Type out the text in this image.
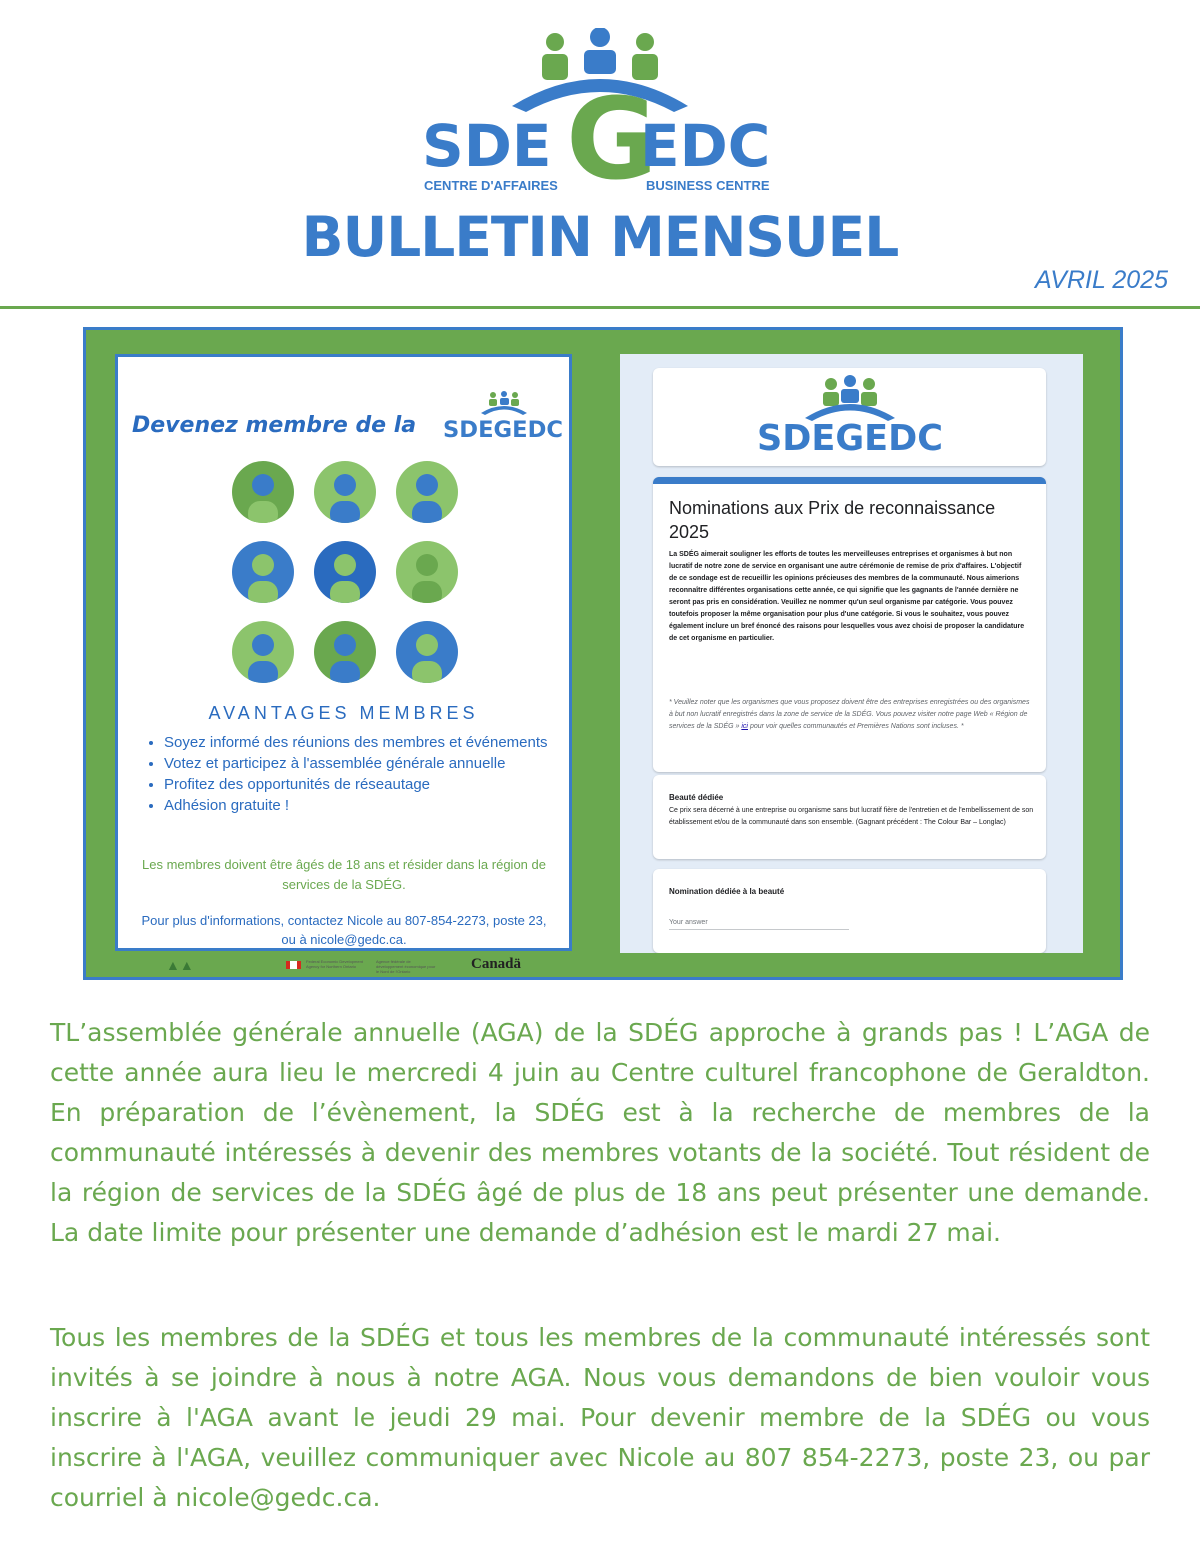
SDE G
EDC
CENTRE D'AFFAIRES	BUSINESS CENTRE
BULLETIN MENSUEL
AVRIL 2025
Devenez membre de la SDEGEDC
AVANTAGES MEMBRES
• Soyez informé des réunions des membres et événements
• Votez et participez à l'assemblée générale annuelle
• Profitez des opportunités de réseautage
• Adhésion gratuite !
Les membres doivent être âgés de 18 ans et résider dans la région de services de la SDÉG.
Pour plus d'informations, contactez Nicole au 807-854-2273, poste 23, ou à nicole@gedc.ca.
▲▲	Federal Economic Development Agency for Northern Ontario
Agence fédérale de développement économique pour le Nord de l'Ontario	Canadä
SDEGEDC
Nominations aux Prix de reconnaissance 2025
La SDÉG aimerait souligner les efforts de toutes les merveilleuses entreprises et organismes à but non lucratif de notre zone de service en organisant une autre cérémonie de remise de prix d'affaires. L'objectif de ce sondage est de recueillir les opinions précieuses des membres de la communauté. Nous aimerions reconnaître différentes organisations cette année, ce qui signifie que les gagnants de l'année dernière ne seront pas pris en considération. Veuillez ne nommer qu'un seul organisme par catégorie. Vous pouvez toutefois proposer la même organisation pour plus d'une catégorie. Si vous le souhaitez, vous pouvez également inclure un bref énoncé des raisons pour lesquelles vous avez choisi de proposer la candidature de cet organisme en particulier.
* Veuillez noter que les organismes que vous proposez doivent être des entreprises enregistrées ou des organismes à but non lucratif enregistrés dans la zone de service de la SDÉG. Vous pouvez visiter notre page Web « Région de services de la SDÉG » ici pour voir quelles communautés et Premières Nations sont incluses. *
Beauté dédiée
Ce prix sera décerné à une entreprise ou organisme sans but lucratif fière de l'entretien et de l'embellissement de son établissement et/ou de la communauté dans son ensemble. (Gagnant précédent : The Colour Bar – Longlac)
Nomination dédiée à la beauté
Your answer

TL’assemblée générale annuelle (AGA) de la SDÉG approche à grands pas ! L’AGA de cette année aura lieu le mercredi 4 juin au Centre culturel francophone de Geraldton. En préparation de l’évènement, la SDÉG est à la recherche de membres de la communauté intéressés à devenir des membres votants de la société. Tout résident de la région de services de la SDÉG âgé de plus de 18 ans peut présenter une demande. La date limite pour présenter une demande d’adhésion est le mardi 27 mai.

Tous les membres de la SDÉG et tous les membres de la communauté intéressés sont invités à se joindre à nous à notre AGA. Nous vous demandons de bien vouloir vous inscrire à l'AGA avant le jeudi 29 mai. Pour devenir membre de la SDÉG ou vous inscrire à l'AGA, veuillez communiquer avec Nicole au 807 854-2273, poste 23, ou par courriel à nicole@gedc.ca.
